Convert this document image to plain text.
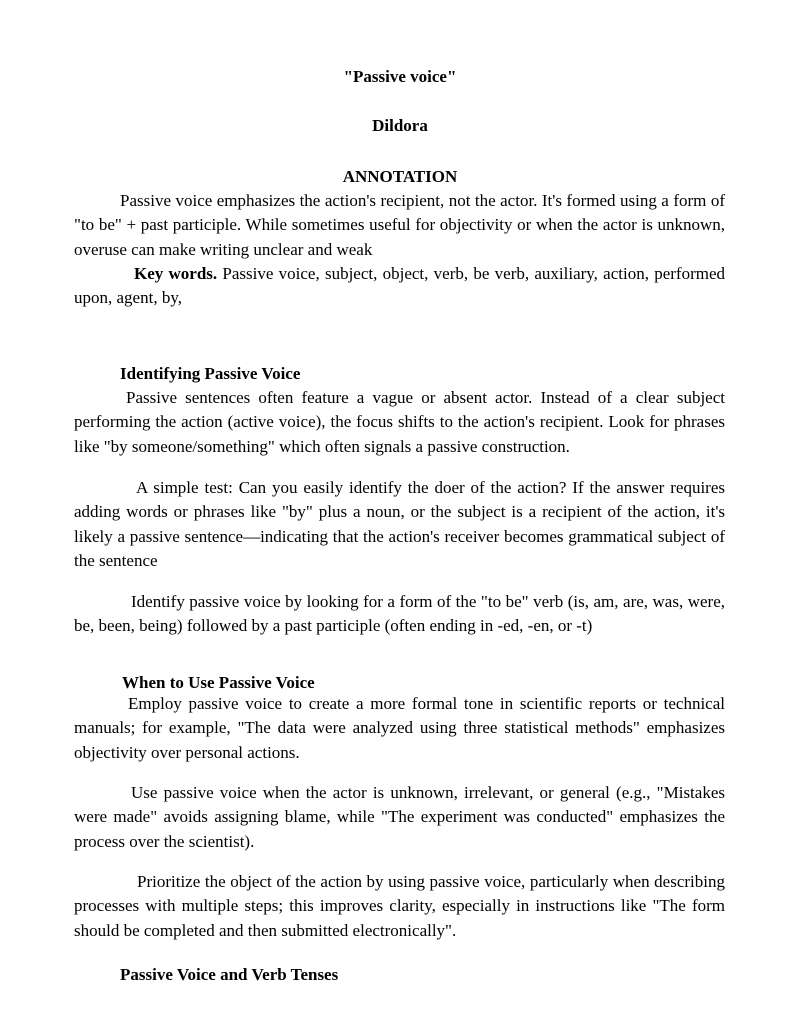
"Passive voice"
Dildora
ANNOTATION
Passive voice emphasizes the action's recipient, not the actor. It's formed using a form of "to be" + past participle. While sometimes useful for objectivity or when the actor is unknown, overuse can make writing unclear and weak
Key words. Passive voice, subject, object, verb, be verb, auxiliary, action, performed upon, agent, by,
Identifying Passive Voice
Passive sentences often feature a vague or absent actor. Instead of a clear subject performing the action (active voice), the focus shifts to the action's recipient. Look for phrases like "by someone/something" which often signals a passive construction.
A simple test: Can you easily identify the doer of the action? If the answer requires adding words or phrases like "by" plus a noun, or the subject is a recipient of the action, it's likely a passive sentence—indicating that the action's receiver becomes grammatical subject of the sentence
Identify passive voice by looking for a form of the "to be" verb (is, am, are, was, were, be, been, being) followed by a past participle (often ending in -ed, -en, or -t)
When to Use Passive Voice
Employ passive voice to create a more formal tone in scientific reports or technical manuals; for example, "The data were analyzed using three statistical methods" emphasizes objectivity over personal actions.
Use passive voice when the actor is unknown, irrelevant, or general (e.g., "Mistakes were made" avoids assigning blame, while "The experiment was conducted" emphasizes the process over the scientist).
Prioritize the object of the action by using passive voice, particularly when describing processes with multiple steps; this improves clarity, especially in instructions like "The form should be completed and then submitted electronically".
Passive Voice and Verb Tenses
